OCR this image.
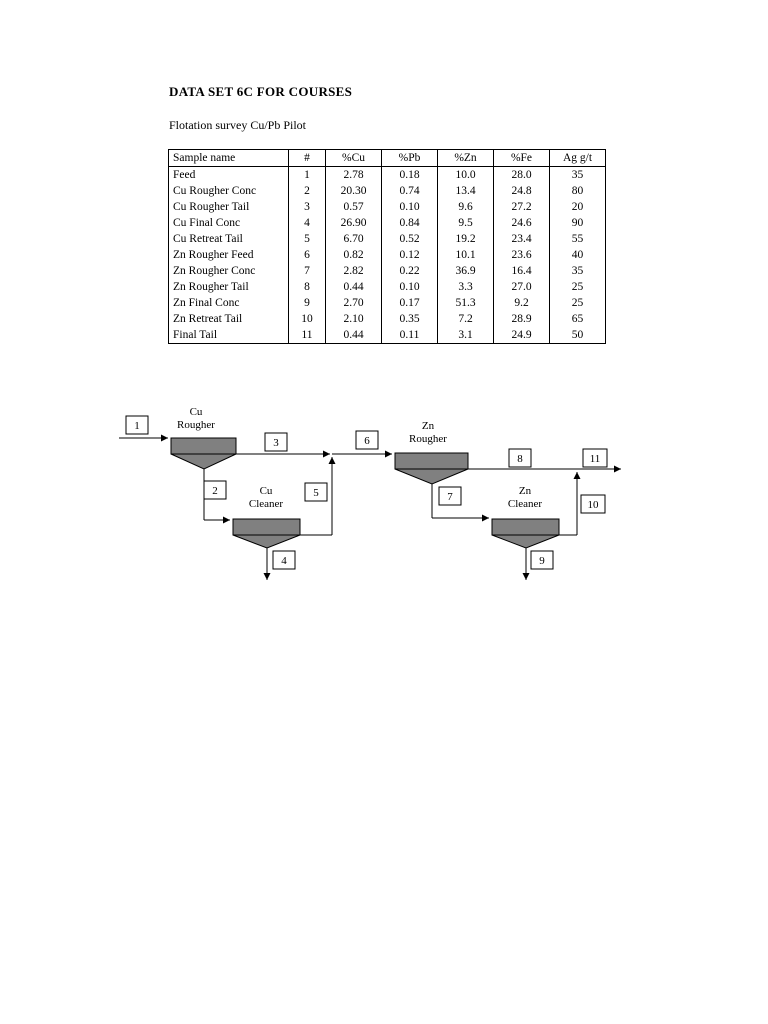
DATA SET 6C FOR COURSES
Flotation survey Cu/Pb Pilot
Sample name	#	%Cu	%Pb	%Zn	%Fe	Ag g/t
Feed	1	2.78	0.18	10.0	28.0	35
Cu Rougher Conc	2	20.30	0.74	13.4	24.8	80
Cu Rougher Tail	3	0.57	0.10	9.6	27.2	20
Cu Final Conc	4	26.90	0.84	9.5	24.6	90
Cu Retreat Tail	5	6.70	0.52	19.2	23.4	55
Zn Rougher Feed	6	0.82	0.12	10.1	23.6	40
Zn Rougher Conc	7	2.82	0.22	36.9	16.4	35
Zn Rougher Tail	8	0.44	0.10	3.3	27.0	25
Zn Final Conc	9	2.70	0.17	51.3	9.2	25
Zn Retreat Tail	10	2.10	0.35	7.2	28.9	65
Final Tail	11	0.44	0.11	3.1	24.9	50
Cu
Rougher
Cu
Cleaner
Zn
Rougher
Zn
Cleaner
1
2
3
4
5
6
7
8
9
10
11
